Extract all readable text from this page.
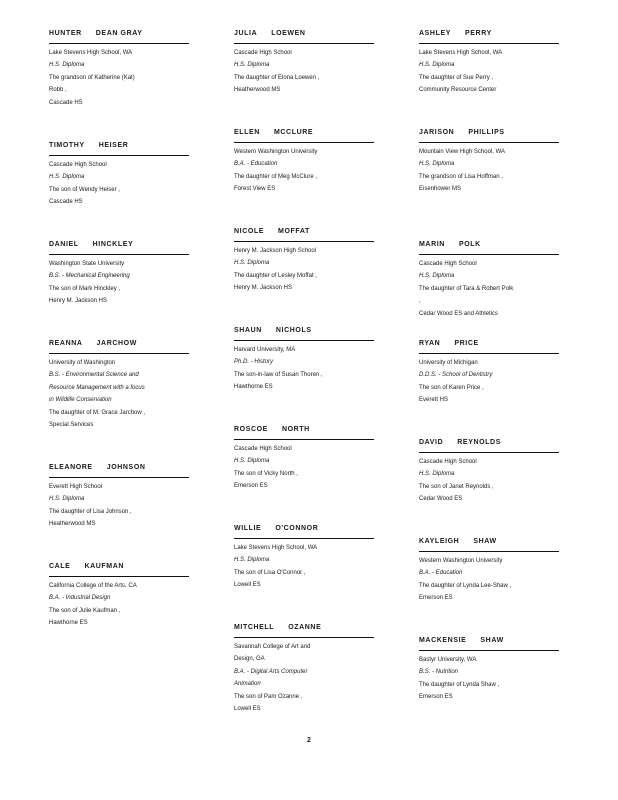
HUNTER DEAN GRAY
Lake Stevens High School, WA
H.S. Diploma
The grandson of Katherine (Kat)
Robb ,
Cascade HS
TIMOTHY HEISER
Cascade High School
H.S. Diploma
The son of Wendy Heiser ,
Cascade HS
DANIEL HINCKLEY
Washington State University
B.S. - Mechanical Engineering
The son of Mark Hinckley ,
Henry M. Jackson HS
REANNA JARCHOW
University of Washington
B.S. - Environmental Science and
Resource Management with a focus
in Wildlife Conservation
The daughter of M. Grace Jarchow ,
Special Services
ELEANORE JOHNSON
Everett High School
H.S. Diploma
The daughter of Lisa Johnson ,
Heatherwood MS
CALE KAUFMAN
California College of the Arts, CA
B.A. - Industrial Design
The son of Julie Kaufman ,
Hawthorne ES
JULIA LOEWEN
Cascade High School
H.S. Diploma
The daughter of Elona Loewen ,
Heatherwood MS
ELLEN MCCLURE
Western Washington University
B.A. - Education
The daughter of Meg McClure ,
Forest View ES
NICOLE MOFFAT
Henry M. Jackson High School
H.S. Diploma
The daughter of Lesley Moffat ,
Henry M. Jackson HS
SHAUN NICHOLS
Harvard University, MA
Ph.D. - History
The son-in-law of Susan Thoren ,
Hawthorne ES
ROSCOE NORTH
Cascade High School
H.S. Diploma
The son of Vicky North ,
Emerson ES
WILLIE O'CONNOR
Lake Stevens High School, WA
H.S. Diploma
The son of Lisa O'Connor ,
Lowell ES
MITCHELL OZANNE
Savannah College of Art and
Design, GA
B.A. - Digital Arts Computer
Animation
The son of Pam Ozanne ,
Lowell ES
ASHLEY PERRY
Lake Stevens High School, WA
H.S. Diploma
The daughter of Sue Perry ,
Community Resource Center
JARISON PHILLIPS
Mountain View High School, WA
H.S. Diploma
The grandson of Lisa Hoffman ,
Eisenhower MS
MARIN POLK
Cascade High School
H.S. Diploma
The daughter of Tara & Robert Polk
,
Cedar Wood ES and Athletics
RYAN PRICE
University of Michigan
D.D.S. - School of Dentistry
The son of Karen Price ,
Everett HS
DAVID REYNOLDS
Cascade High School
H.S. Diploma
The son of Janet Reynolds ,
Cedar Wood ES
KAYLEIGH SHAW
Western Washington University
B.A. - Education
The daughter of Lynda Lee-Shaw ,
Emerson ES
MACKENSIE SHAW
Bastyr University, WA
B.S. - Nutrition
The daughter of Lynda Shaw ,
Emerson ES
2
